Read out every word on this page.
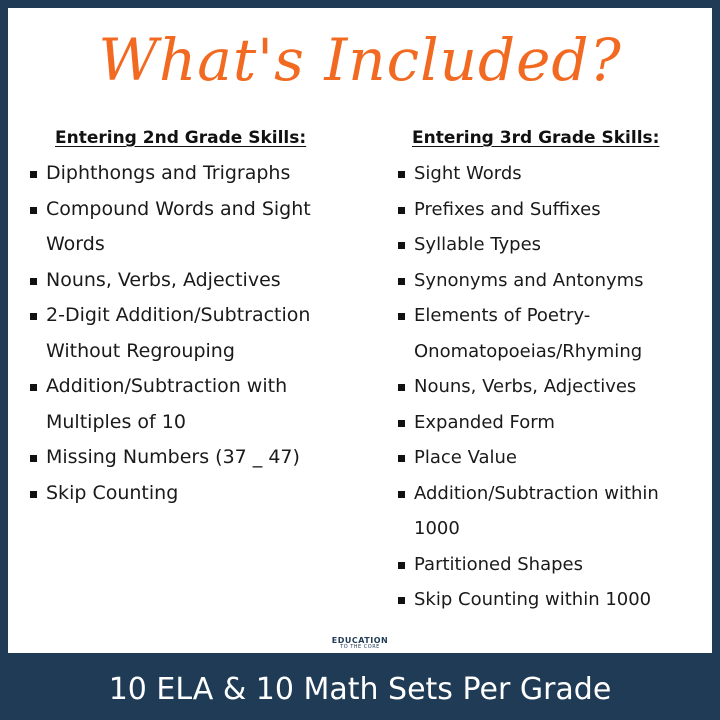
What's Included?
Entering 2nd Grade Skills:
Diphthongs and Trigraphs
Compound Words and Sight Words
Nouns, Verbs, Adjectives
2-Digit Addition/Subtraction Without Regrouping
Addition/Subtraction with Multiples of 10
Missing Numbers (37 _ 47)
Skip Counting
Entering 3rd Grade Skills:
Sight Words
Prefixes and Suffixes
Syllable Types
Synonyms and Antonyms
Elements of Poetry- Onomatopoeias/Rhyming
Nouns, Verbs, Adjectives
Expanded Form
Place Value
Addition/Subtraction within 1000
Partitioned Shapes
Skip Counting within 1000
EDUCATION
TO THE CORE
10 ELA & 10 Math Sets Per Grade
